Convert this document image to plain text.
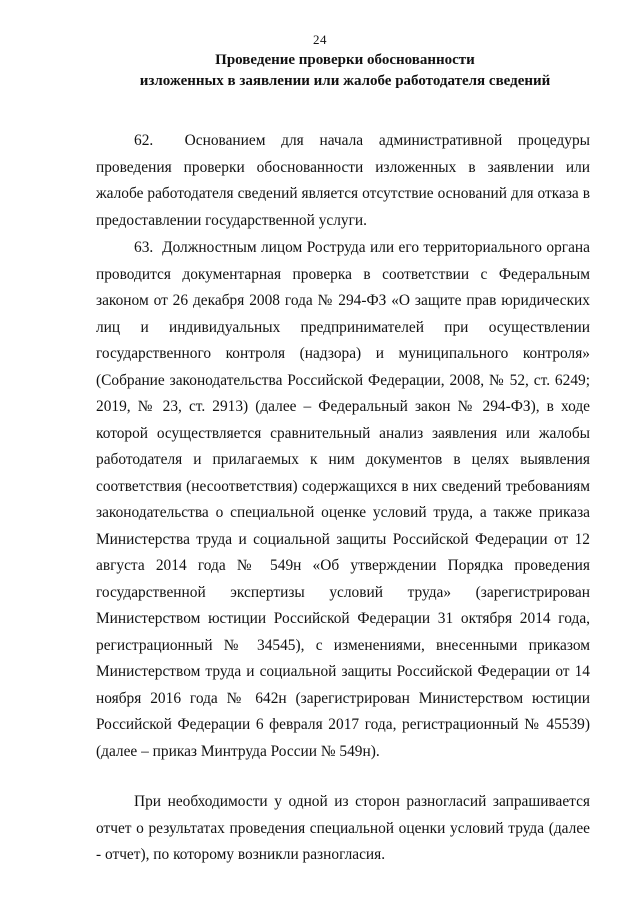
24
Проведение проверки обоснованности
изложенных в заявлении или жалобе работодателя сведений

62.  Основанием для начала административной процедуры проведения проверки обоснованности изложенных в заявлении или жалобе работодателя сведений является отсутствие оснований для отказа в предоставлении государственной услуги.

63.  Должностным лицом Роструда или его территориального органа проводится документарная проверка в соответствии с Федеральным законом от 26 декабря 2008 года № 294-ФЗ «О защите прав юридических лиц и индивидуальных предпринимателей при осуществлении государственного контроля (надзора) и муниципального контроля» (Собрание законодательства Российской Федерации, 2008, № 52, ст. 6249; 2019, № 23, ст. 2913) (далее – Федеральный закон № 294-ФЗ), в ходе которой осуществляется сравнительный анализ заявления или жалобы работодателя и прилагаемых к ним документов в целях выявления соответствия (несоответствия) содержащихся в них сведений требованиям законодательства о специальной оценке условий труда, а также приказа Министерства труда и социальной защиты Российской Федерации от 12 августа 2014 года № 549н «Об утверждении Порядка проведения государственной экспертизы условий труда» (зарегистрирован Министерством юстиции Российской Федерации 31 октября 2014 года, регистрационный № 34545), с изменениями, внесенными приказом Министерством труда и социальной защиты Российской Федерации от 14 ноября 2016 года № 642н (зарегистрирован Министерством юстиции Российской Федерации 6 февраля 2017 года, регистрационный № 45539) (далее – приказ Минтруда России № 549н).

При необходимости у одной из сторон разногласий запрашивается отчет о результатах проведения специальной оценки условий труда (далее - отчет), по которому возникли разногласия.
